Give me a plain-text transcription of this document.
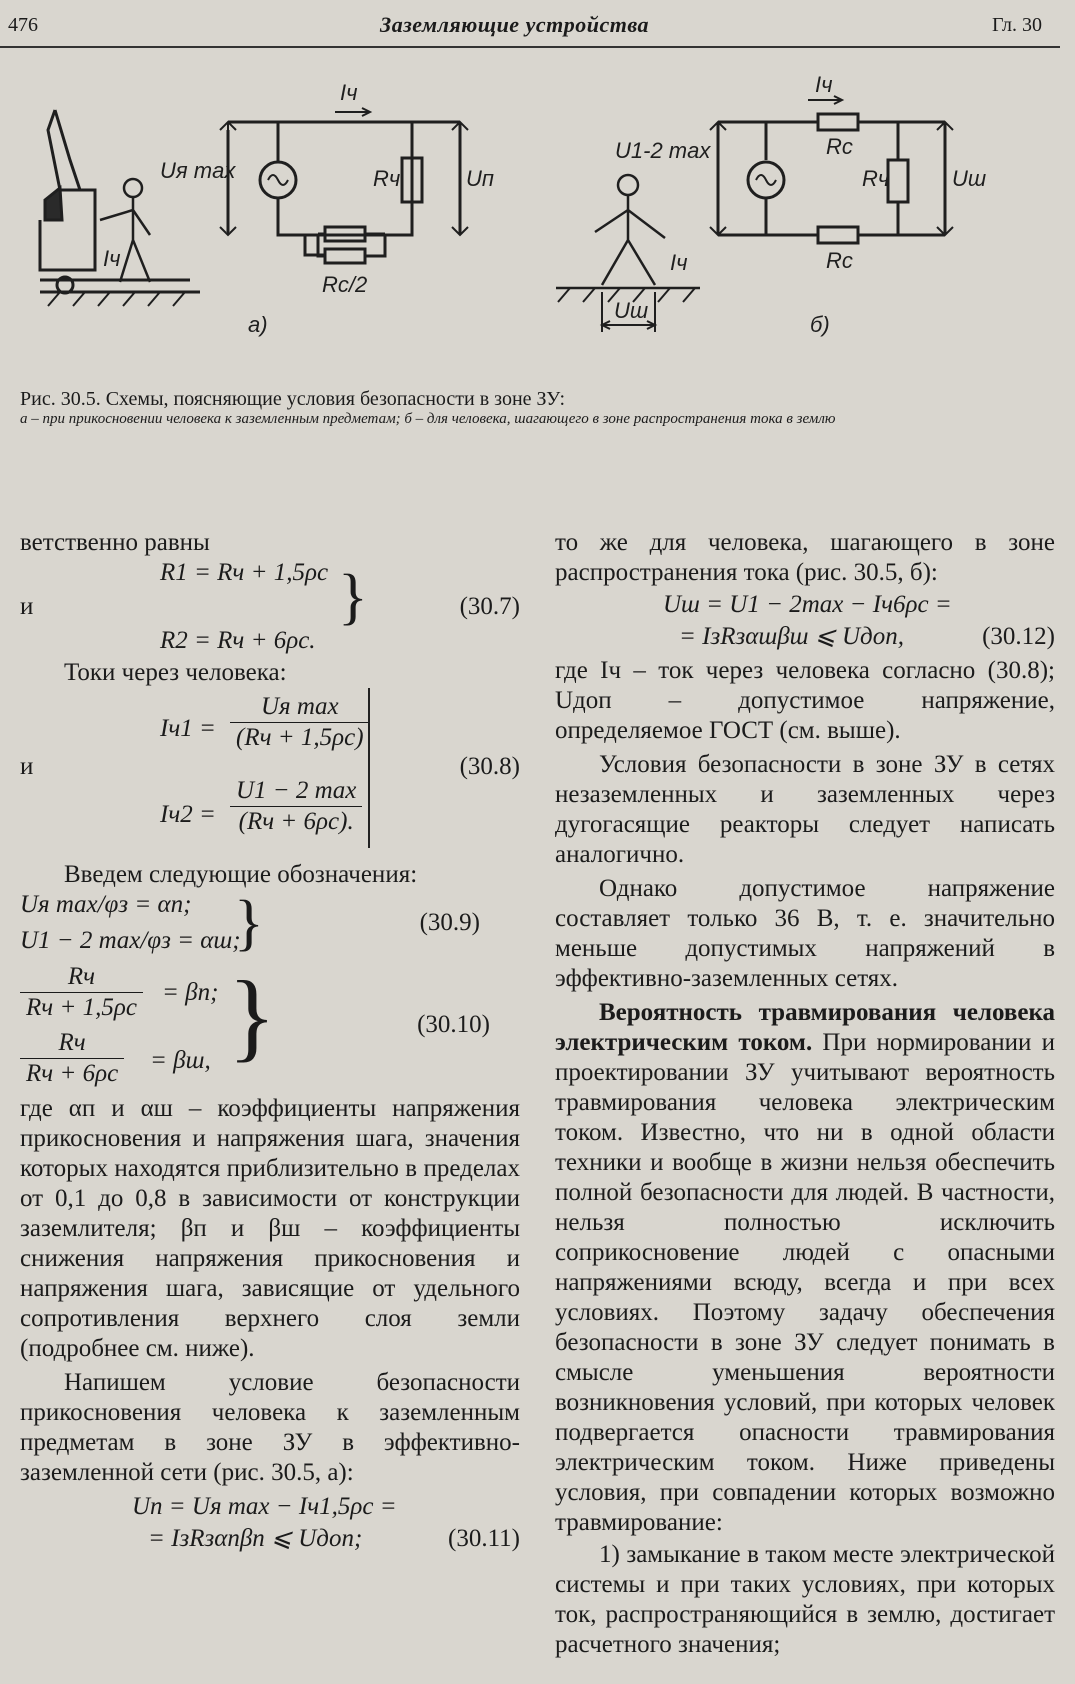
476	Заземляющие устройства	Гл. 30
Iч
Uя max
Iч
Rч	Uп
Rс/2
a)
U1-2 max
Iч
Rс
Rч	Uш
Rс
Iч
Uш
б)
Рис. 30.5. Схемы, поясняющие условия безопасности в зоне ЗУ:
а – при прикосновении человека к заземленным предметам; б – для человека, шагающего в зоне распространения тока в землю

ветственно равны

R1 = Rч + 1,5ρс
и
R2 = Rч + 6ρс.
}	(30.7)

Токи через человека:

Iч1 =
Uя max
(Rч + 1,5ρс)
и
Iч2 =
U1 − 2 max
(Rч + 6ρс).
(30.8)

Введем следующие обозначения:

Uя max/φз = αп;
U1 − 2 max/φз = αш;
}	(30.9)
Rч
Rч + 1,5ρс
= βп;
Rч
Rч + 6ρс = βш, }	(30.10)

где αп и αш – коэффициенты напряжения прикосновения и напряжения шага, значения которых находятся приблизительно в пределах от 0,1 до 0,8 в зависимости от конструкции заземлителя; βп и βш – коэффициенты снижения напряжения прикосновения и напряжения шага, зависящие от удельного сопротивления верхнего слоя земли (подробнее см. ниже).

Напишем условие безопасности прикосновения человека к заземленным предметам в зоне ЗУ в эффективно-заземленной сети (рис. 30.5, а):

Uп = Uя max − Iч1,5ρс =
= IзRзαпβп ⩽ Uдоп;	(30.11)

то же для человека, шагающего в зоне распространения тока (рис. 30.5, б):

Uш = U1 − 2max − Iч6ρс =
= IзRзαшβш ⩽ Uдоп,	(30.12)

где Iч – ток через человека согласно (30.8); Uдоп – допустимое напряжение, определяемое ГОСТ (см. выше).

Условия безопасности в зоне ЗУ в сетях незаземленных и заземленных через дугогасящие реакторы следует написать аналогично.

Однако допустимое напряжение составляет только 36 В, т. е. значительно меньше допустимых напряжений в эффективно-заземленных сетях.

Вероятность травмирования человека электрическим током. При нормировании и проектировании ЗУ учитывают вероятность травмирования человека электрическим током. Известно, что ни в одной области техники и вообще в жизни нельзя обеспечить полной безопасности для людей. В частности, нельзя полностью исключить соприкосновение людей с опасными напряжениями всюду, всегда и при всех условиях. Поэтому задачу обеспечения безопасности в зоне ЗУ следует понимать в смысле уменьшения вероятности возникновения условий, при которых человек подвергается опасности травмирования электрическим током. Ниже приведены условия, при совпадении которых возможно травмирование:

1) замыкание в таком месте электрической системы и при таких условиях, при которых ток, распространяющийся в землю, достигает расчетного значения;
